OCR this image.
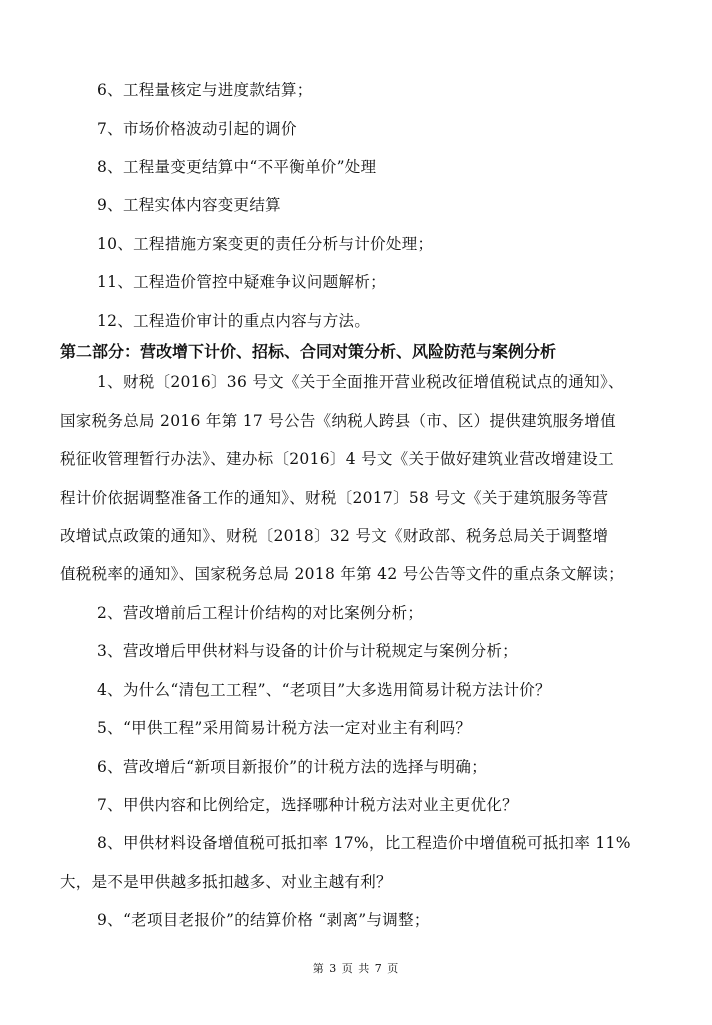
6、工程量核定与进度款结算；
7、市场价格波动引起的调价
8、工程量变更结算中“不平衡单价”处理
9、工程实体内容变更结算
10、工程措施方案变更的责任分析与计价处理；
11、工程造价管控中疑难争议问题解析；
12、工程造价审计的重点内容与方法。
第二部分：营改增下计价、招标、合同对策分析、风险防范与案例分析
1、财税〔2016〕36 号文《关于全面推开营业税改征增值税试点的通知》、
国家税务总局 2016 年第 17 号公告《纳税人跨县（市、区）提供建筑服务增值
税征收管理暂行办法》、建办标〔2016〕4 号文《关于做好建筑业营改增建设工
程计价依据调整准备工作的通知》、财税〔2017〕58 号文《关于建筑服务等营
改增试点政策的通知》、财税〔2018〕32 号文《财政部、税务总局关于调整增
值税税率的通知》、国家税务总局 2018 年第 42 号公告等文件的重点条文解读；
2、营改增前后工程计价结构的对比案例分析；
3、营改增后甲供材料与设备的计价与计税规定与案例分析；
4、为什么“清包工工程”、“老项目”大多选用简易计税方法计价？
5、“甲供工程”采用简易计税方法一定对业主有利吗？
6、营改增后“新项目新报价”的计税方法的选择与明确；
7、甲供内容和比例给定，选择哪种计税方法对业主更优化？
8、甲供材料设备增值税可抵扣率 17%，比工程造价中增值税可抵扣率 11%
大，是不是甲供越多抵扣越多、对业主越有利？
9、“老项目老报价”的结算价格 “剥离”与调整；
第 3 页 共 7 页
